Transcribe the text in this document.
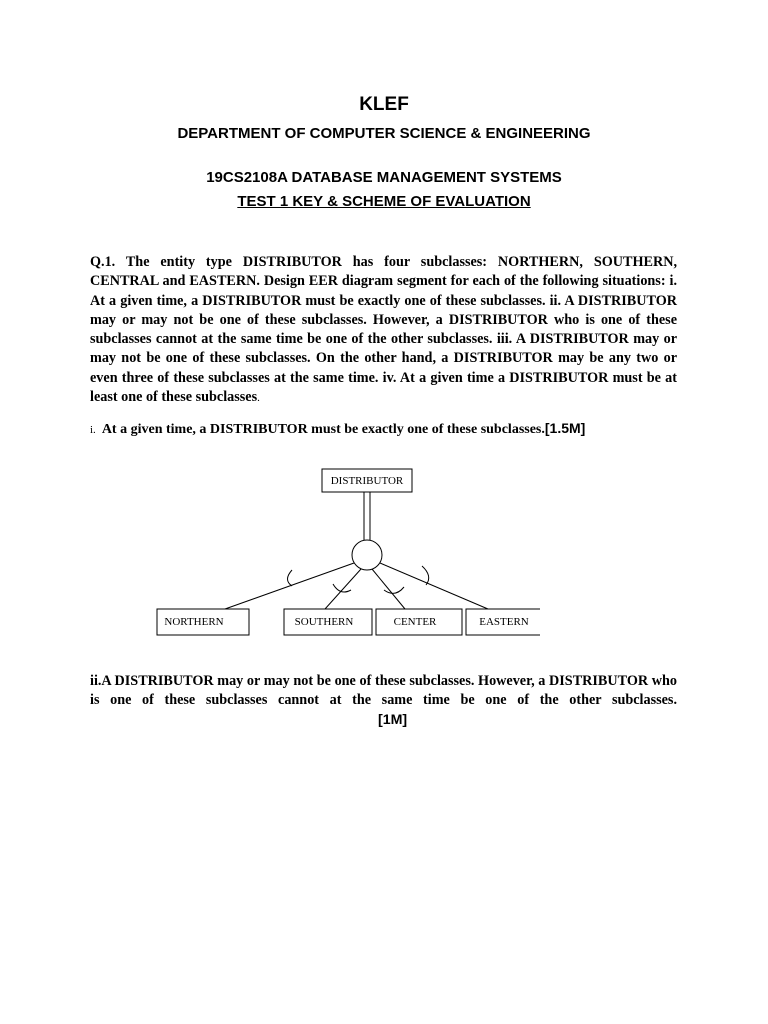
KLEF
DEPARTMENT OF COMPUTER SCIENCE & ENGINEERING
19CS2108A DATABASE MANAGEMENT SYSTEMS
TEST 1 KEY & SCHEME OF EVALUATION
Q.1. The entity type DISTRIBUTOR has four subclasses: NORTHERN, SOUTHERN, CENTRAL and EASTERN. Design EER diagram segment for each of the following situations: i. At a given time, a DISTRIBUTOR must be exactly one of these subclasses. ii. A DISTRIBUTOR may or may not be one of these subclasses. However, a DISTRIBUTOR who is one of these subclasses cannot at the same time be one of the other subclasses. iii. A DISTRIBUTOR may or may not be one of these subclasses. On the other hand, a DISTRIBUTOR may be any two or even three of these subclasses at the same time. iv. At a given time a DISTRIBUTOR must be at least one of these subclasses.
i. At a given time, a DISTRIBUTOR must be exactly one of these subclasses.[1.5M]
DISTRIBUTOR
NORTHERN	SOUTHERN	CENTER	EASTERN
ii.A DISTRIBUTOR may or may not be one of these subclasses. However, a DISTRIBUTOR who is one of these subclasses cannot at the same time be one of the other subclasses.[1M]
